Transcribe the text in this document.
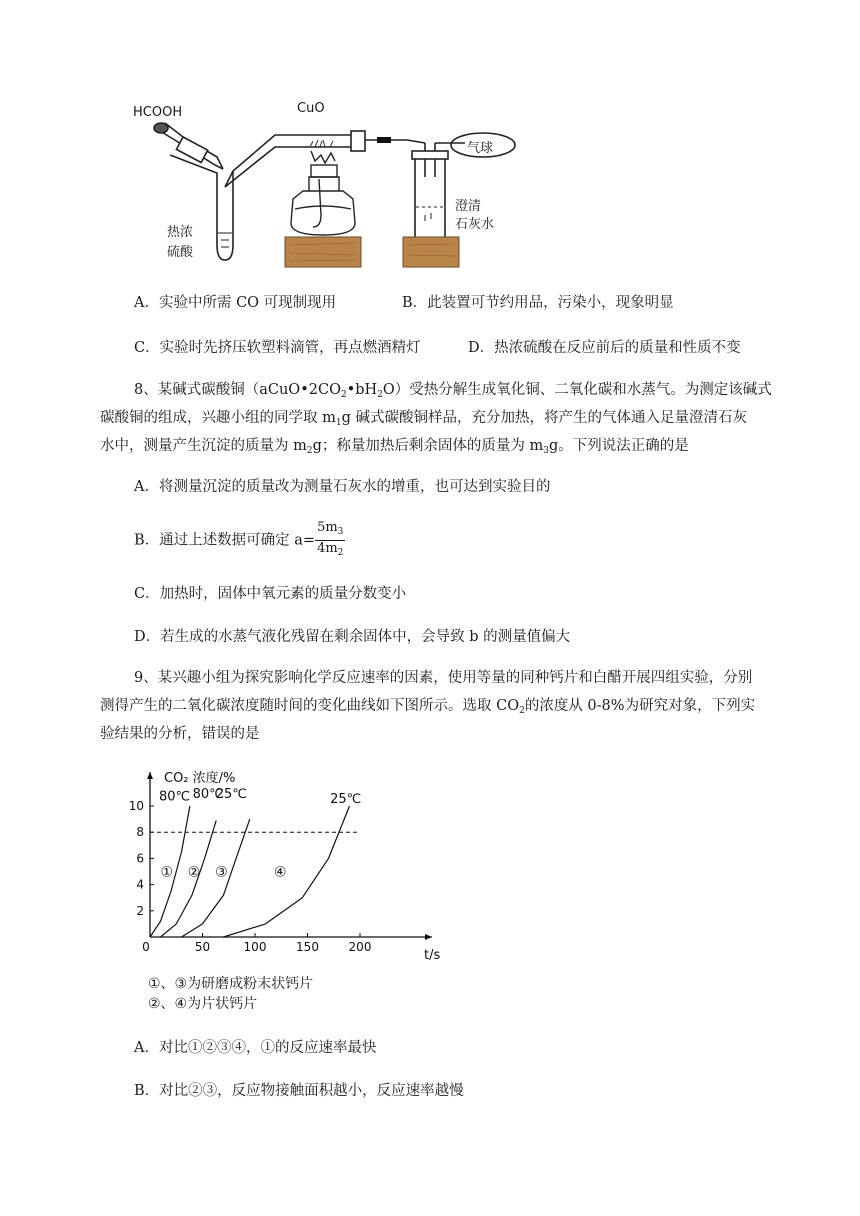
HCOOH	CuO
气球
澄清
石灰水
热浓
硫酸
A．实验中所需 CO 可现制现用	B．此装置可节约用品，污染小，现象明显
C．实验时先挤压软塑料滴管，再点燃酒精灯	D．热浓硫酸在反应前后的质量和性质不变
8、某碱式碳酸铜$(aCuO•2CO_2•bH_2O)$受热分解生成氧化铜、二氧化碳和水蒸气。为测定该碱式
碳酸铜的组成，兴趣小组的同学取 $m_1g$ 碱式碳酸铜样品，充分加热，将产生的气体通入足量澄清石灰
水中，测量产生沉淀的质量为 $m_2g$；称量加热后剩余固体的质量为 $m_3g$。下列说法正确的是
A．将测量沉淀的质量改为测量石灰水的增重，也可达到实验目的
B．通过上述数据可确定 $a= \frac{5m_3}{4m_2}$
C．加热时，固体中氧元素的质量分数变小
D．若生成的水蒸气液化残留在剩余固体中，会导致 b 的测量值偏大
9、某兴趣小组为探究影响化学反应速率的因素，使用等量的同种钙片和白醋开展四组实验，分别
测得产生的二氧化碳浓度随时间的变化曲线如下图所示。选取 $CO_2$的浓度从 0-8%为研究对象，下列实
验结果的分析，错误的是
CO₂ 浓度/%
t/s
0	50	100 150 200
2
4
6
8
10
①
80℃
②
80℃
③
25℃
④
25℃
①、③为研磨成粉末状钙片
②、④为片状钙片
A．对比①②③④，①的反应速率最快
B．对比②③，反应物接触面积越小，反应速率越慢
